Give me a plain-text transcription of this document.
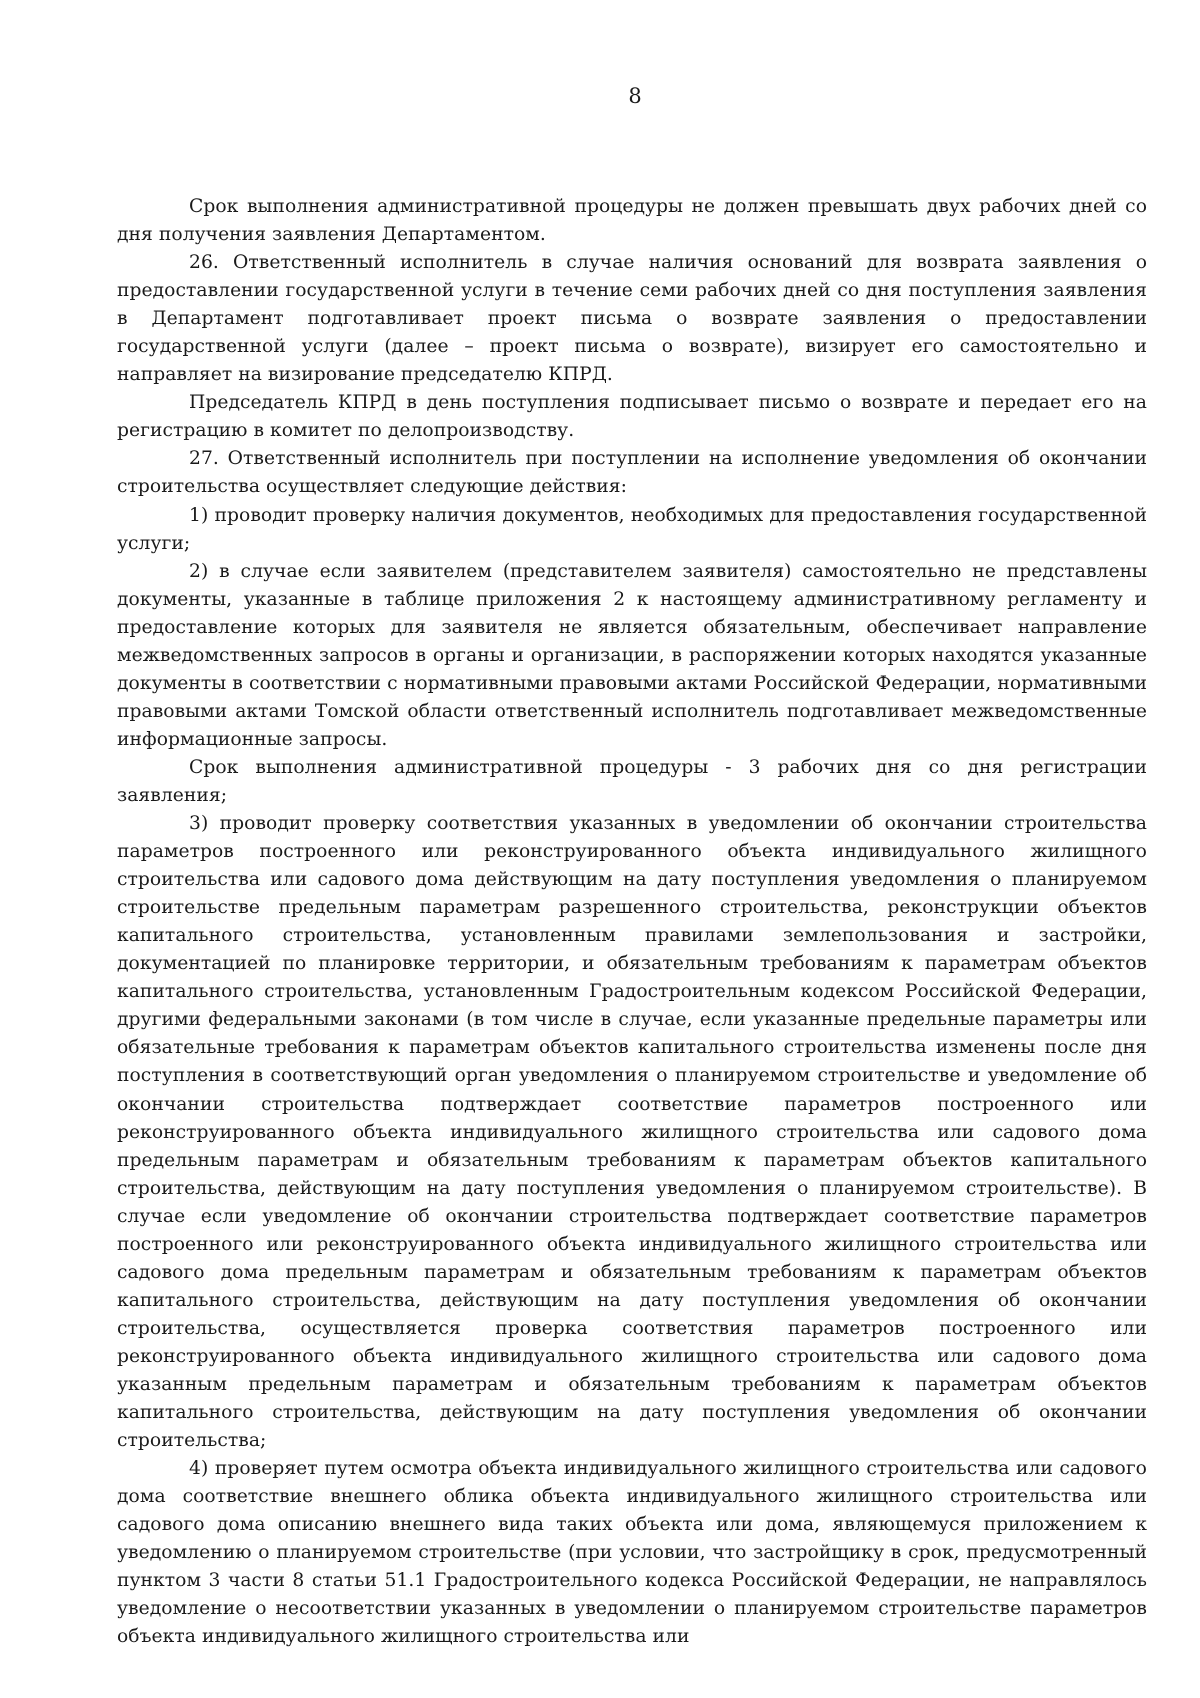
8

Срок выполнения административной процедуры не должен превышать двух рабочих дней со дня получения заявления Департаментом.

26. Ответственный исполнитель в случае наличия оснований для возврата заявления о предоставлении государственной услуги в течение семи рабочих дней со дня поступления заявления в Департамент подготавливает проект письма о возврате заявления о предоставлении государственной услуги (далее – проект письма о возврате), визирует его самостоятельно и направляет на визирование председателю КПРД.

Председатель КПРД в день поступления подписывает письмо о возврате и передает его на регистрацию в комитет по делопроизводству.

27. Ответственный исполнитель при поступлении на исполнение уведомления об окончании строительства осуществляет следующие действия:

1) проводит проверку наличия документов, необходимых для предоставления государственной услуги;

2) в случае если заявителем (представителем заявителя) самостоятельно не представлены документы, указанные в таблице приложения 2 к настоящему административному регламенту и предоставление которых для заявителя не является обязательным, обеспечивает направление межведомственных запросов в органы и организации, в распоряжении которых находятся указанные документы в соответствии с нормативными правовыми актами Российской Федерации, нормативными правовыми актами Томской области ответственный исполнитель подготавливает межведомственные информационные запросы.

Срок выполнения административной процедуры - 3 рабочих дня со дня регистрации заявления;

3) проводит проверку соответствия указанных в уведомлении об окончании строительства параметров построенного или реконструированного объекта индивидуального жилищного строительства или садового дома действующим на дату поступления уведомления о планируемом строительстве предельным параметрам разрешенного строительства, реконструкции объектов капитального строительства, установленным правилами землепользования и застройки, документацией по планировке территории, и обязательным требованиям к параметрам объектов капитального строительства, установленным Градостроительным кодексом Российской Федерации, другими федеральными законами (в том числе в случае, если указанные предельные параметры или обязательные требования к параметрам объектов капитального строительства изменены после дня поступления в соответствующий орган уведомления о планируемом строительстве и уведомление об окончании строительства подтверждает соответствие параметров построенного или реконструированного объекта индивидуального жилищного строительства или садового дома предельным параметрам и обязательным требованиям к параметрам объектов капитального строительства, действующим на дату поступления уведомления о планируемом строительстве). В случае если уведомление об окончании строительства подтверждает соответствие параметров построенного или реконструированного объекта индивидуального жилищного строительства или садового дома предельным параметрам и обязательным требованиям к параметрам объектов капитального строительства, действующим на дату поступления уведомления об окончании строительства, осуществляется проверка соответствия параметров построенного или реконструированного объекта индивидуального жилищного строительства или садового дома указанным предельным параметрам и обязательным требованиям к параметрам объектов капитального строительства, действующим на дату поступления уведомления об окончании строительства;

4) проверяет путем осмотра объекта индивидуального жилищного строительства или садового дома соответствие внешнего облика объекта индивидуального жилищного строительства или садового дома описанию внешнего вида таких объекта или дома, являющемуся приложением к уведомлению о планируемом строительстве (при условии, что застройщику в срок, предусмотренный пунктом 3 части 8 статьи 51.1 Градостроительного кодекса Российской Федерации, не направлялось уведомление о несоответствии указанных в уведомлении о планируемом строительстве параметров объекта индивидуального жилищного строительства или
